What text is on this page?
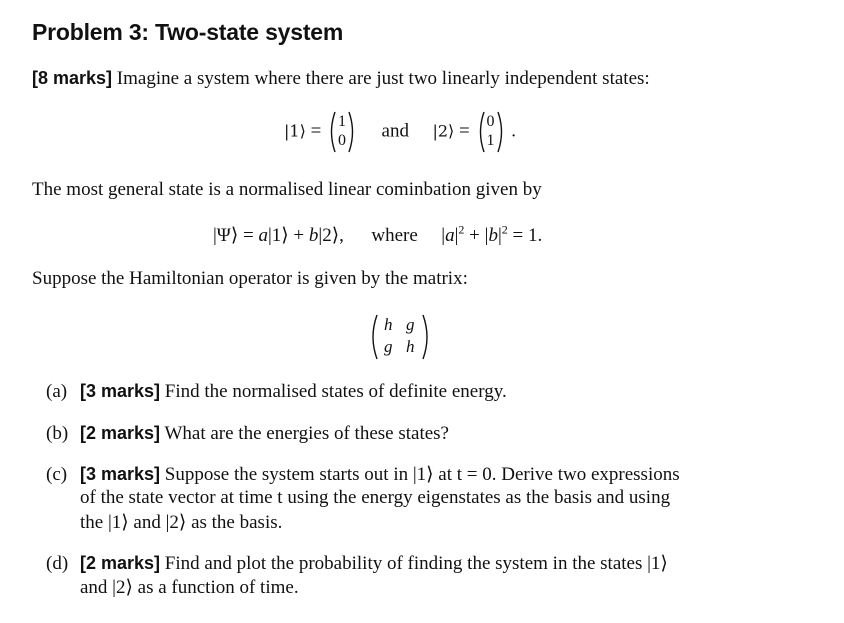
Problem 3: Two-state system
[8 marks] Imagine a system where there are just two linearly independent states:
|1⟩ =	1
0	and |2⟩ =	0
1 .
The most general state is a normalised linear cominbation given by
|Ψ⟩ = a|1⟩ + b|2⟩, where $|a|^2 + |b|^2 = 1$.
Suppose the Hamiltonian operator is given by the matrix:
h g
g h
(a) [3 marks] Find the normalised states of definite energy.
(b) [2 marks] What are the energies of these states?
(c) [3 marks] Suppose the system starts out in |1⟩ at t = 0. Derive two expressions
of the state vector at time t using the energy eigenstates as the basis and using
the |1⟩ and |2⟩ as the basis.
(d) [2 marks] Find and plot the probability of finding the system in the states |1⟩
and |2⟩ as a function of time.
